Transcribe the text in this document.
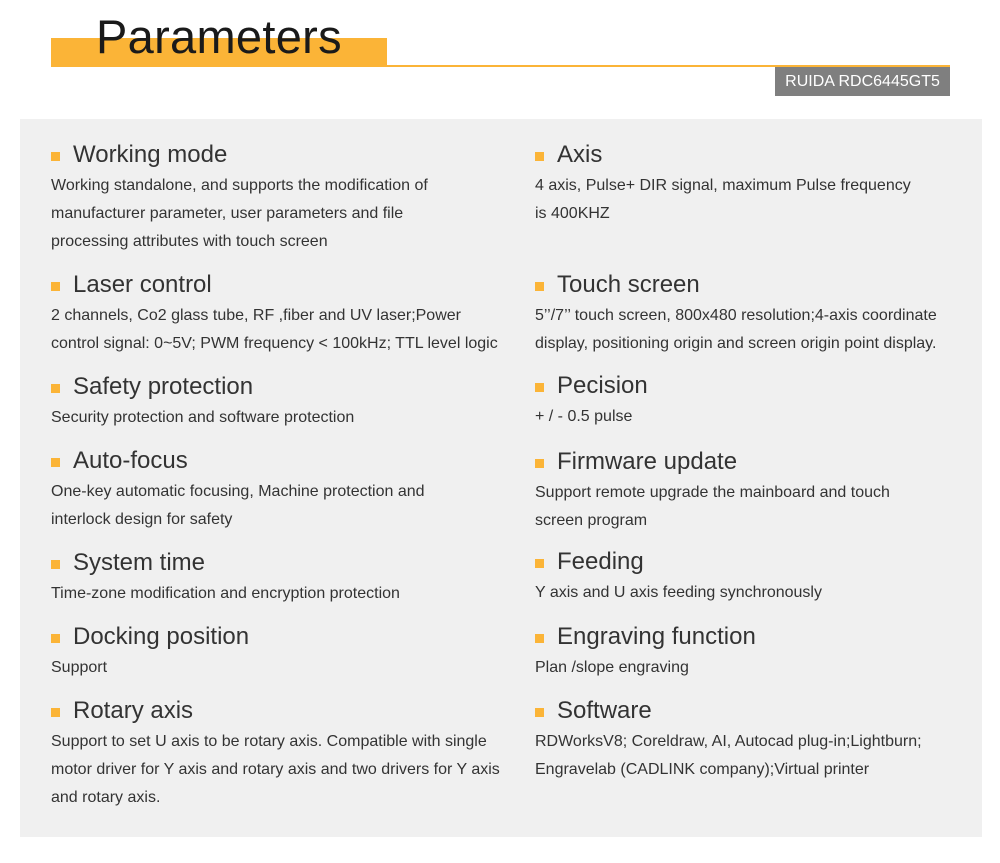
Parameters
RUIDA RDC6445GT5
Working mode
Working standalone, and supports the modification of
manufacturer parameter, user parameters and file
processing attributes with touch screen
Laser control
2 channels, Co2 glass tube, RF ,fiber and UV laser;Power
control signal: 0~5V; PWM frequency < 100kHz; TTL level logic
Safety protection
Security protection and software protection
Auto-focus
One-key automatic focusing, Machine protection and
interlock design for safety
System time
Time-zone modification and encryption protection
Docking position
Support
Rotary axis
Support to set U axis to be rotary axis. Compatible with single
motor driver for Y axis and rotary axis and two drivers for Y axis
and rotary axis.
Axis
4 axis, Pulse+ DIR signal, maximum Pulse frequency
is 400KHZ
Touch screen
5’’/7’’ touch screen, 800x480 resolution;4-axis coordinate
display, positioning origin and screen origin point display.
Pecision
+ / - 0.5 pulse
Firmware update
Support remote upgrade the mainboard and touch
screen program
Feeding
Y axis and U axis feeding synchronously
Engraving function
Plan /slope engraving
Software
RDWorksV8; Coreldraw, AI, Autocad plug-in;Lightburn;
Engravelab (CADLINK company);Virtual printer
